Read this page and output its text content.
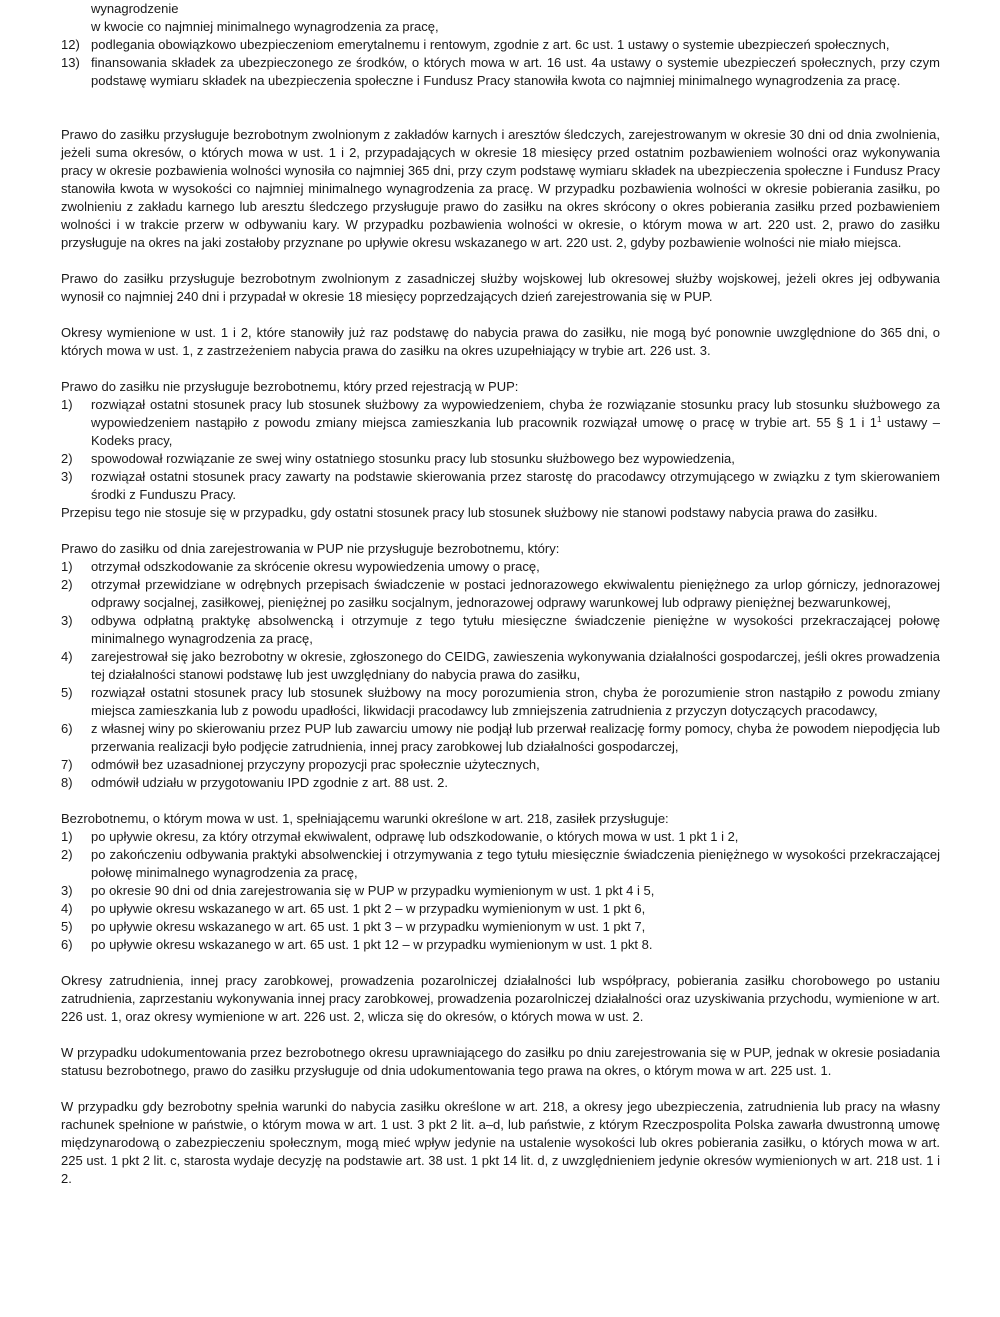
wynagrodzenie
w kwocie co najmniej minimalnego wynagrodzenia za pracę,
12) podlegania obowiązkowo ubezpieczeniom emerytalnemu i rentowym, zgodnie z art. 6c ust. 1 ustawy o systemie ubezpieczeń społecznych,
13) finansowania składek za ubezpieczonego ze środków, o których mowa w art. 16 ust. 4a ustawy o systemie ubezpieczeń społecznych, przy czym podstawę wymiaru składek na ubezpieczenia społeczne i Fundusz Pracy stanowiła kwota co najmniej minimalnego wynagrodzenia za pracę.

Prawo do zasiłku przysługuje bezrobotnym zwolnionym z zakładów karnych i aresztów śledczych, zarejestrowanym w okresie 30 dni od dnia zwolnienia, jeżeli suma okresów, o których mowa w ust. 1 i 2, przypadających w okresie 18 miesięcy przed ostatnim pozbawieniem wolności oraz wykonywania pracy w okresie pozbawienia wolności wynosiła co najmniej 365 dni, przy czym podstawę wymiaru składek na ubezpieczenia społeczne i Fundusz Pracy stanowiła kwota w wysokości co najmniej minimalnego wynagrodzenia za pracę. W przypadku pozbawienia wolności w okresie pobierania zasiłku, po zwolnieniu z zakładu karnego lub aresztu śledczego przysługuje prawo do zasiłku na okres skrócony o okres pobierania zasiłku przed pozbawieniem wolności i w trakcie przerw w odbywaniu kary. W przypadku pozbawienia wolności w okresie, o którym mowa w art. 220 ust. 2, prawo do zasiłku przysługuje na okres na jaki zostałoby przyznane po upływie okresu wskazanego w art. 220 ust. 2, gdyby pozbawienie wolności nie miało miejsca.

Prawo do zasiłku przysługuje bezrobotnym zwolnionym z zasadniczej służby wojskowej lub okresowej służby wojskowej, jeżeli okres jej odbywania wynosił co najmniej 240 dni i przypadał w okresie 18 miesięcy poprzedzających dzień zarejestrowania się w PUP.

Okresy wymienione w ust. 1 i 2, które stanowiły już raz podstawę do nabycia prawa do zasiłku, nie mogą być ponownie uwzględnione do 365 dni, o których mowa w ust. 1, z zastrzeżeniem nabycia prawa do zasiłku na okres uzupełniający w trybie art. 226 ust. 3.

Prawo do zasiłku nie przysługuje bezrobotnemu, który przed rejestracją w PUP:
1)	rozwiązał ostatni stosunek pracy lub stosunek służbowy za wypowiedzeniem, chyba że rozwiązanie stosunku pracy lub stosunku służbowego za wypowiedzeniem nastąpiło z powodu zmiany miejsca zamieszkania lub pracownik rozwiązał umowę o pracę w trybie art. 55 § 1 i $1^1$ ustawy – Kodeks pracy,
2)	spowodował rozwiązanie ze swej winy ostatniego stosunku pracy lub stosunku służbowego bez wypowiedzenia,
3)	rozwiązał ostatni stosunek pracy zawarty na podstawie skierowania przez starostę do pracodawcy otrzymującego w związku z tym skierowaniem środki z Funduszu Pracy.
Przepisu tego nie stosuje się w przypadku, gdy ostatni stosunek pracy lub stosunek służbowy nie stanowi podstawy nabycia prawa do zasiłku.
Prawo do zasiłku od dnia zarejestrowania w PUP nie przysługuje bezrobotnemu, który:
1)	otrzymał odszkodowanie za skrócenie okresu wypowiedzenia umowy o pracę,
2)	otrzymał przewidziane w odrębnych przepisach świadczenie w postaci jednorazowego ekwiwalentu pieniężnego za urlop górniczy, jednorazowej odprawy socjalnej, zasiłkowej, pieniężnej po zasiłku socjalnym, jednorazowej odprawy warunkowej lub odprawy pieniężnej bezwarunkowej,
3)	odbywa odpłatną praktykę absolwencką i otrzymuje z tego tytułu miesięczne świadczenie pieniężne w wysokości przekraczającej połowę minimalnego wynagrodzenia za pracę,
4)	zarejestrował się jako bezrobotny w okresie, zgłoszonego do CEIDG, zawieszenia wykonywania działalności gospodarczej, jeśli okres prowadzenia tej działalności stanowi podstawę lub jest uwzględniany do nabycia prawa do zasiłku,
5)	rozwiązał ostatni stosunek pracy lub stosunek służbowy na mocy porozumienia stron, chyba że porozumienie stron nastąpiło z powodu zmiany miejsca zamieszkania lub z powodu upadłości, likwidacji pracodawcy lub zmniejszenia zatrudnienia z przyczyn dotyczących pracodawcy,
6)	z własnej winy po skierowaniu przez PUP lub zawarciu umowy nie podjął lub przerwał realizację formy pomocy, chyba że powodem niepodjęcia lub przerwania realizacji było podjęcie zatrudnienia, innej pracy zarobkowej lub działalności gospodarczej,
7)	odmówił bez uzasadnionej przyczyny propozycji prac społecznie użytecznych,
8)	odmówił udziału w przygotowaniu IPD zgodnie z art. 88 ust. 2.
Bezrobotnemu, o którym mowa w ust. 1, spełniającemu warunki określone w art. 218, zasiłek przysługuje:
1)	po upływie okresu, za który otrzymał ekwiwalent, odprawę lub odszkodowanie, o których mowa w ust. 1 pkt 1 i 2,
2)	po zakończeniu odbywania praktyki absolwenckiej i otrzymywania z tego tytułu miesięcznie świadczenia pieniężnego w wysokości przekraczającej połowę minimalnego wynagrodzenia za pracę,
3)	po okresie 90 dni od dnia zarejestrowania się w PUP w przypadku wymienionym w ust. 1 pkt 4 i 5,
4)	po upływie okresu wskazanego w art. 65 ust. 1 pkt 2 – w przypadku wymienionym w ust. 1 pkt 6,
5)	po upływie okresu wskazanego w art. 65 ust. 1 pkt 3 – w przypadku wymienionym w ust. 1 pkt 7,
6)	po upływie okresu wskazanego w art. 65 ust. 1 pkt 12 – w przypadku wymienionym w ust. 1 pkt 8.

Okresy zatrudnienia, innej pracy zarobkowej, prowadzenia pozarolniczej działalności lub współpracy, pobierania zasiłku chorobowego po ustaniu zatrudnienia, zaprzestaniu wykonywania innej pracy zarobkowej, prowadzenia pozarolniczej działalności oraz uzyskiwania przychodu, wymienione w art. 226 ust. 1, oraz okresy wymienione w art. 226 ust. 2, wlicza się do okresów, o których mowa w ust. 2.

W przypadku udokumentowania przez bezrobotnego okresu uprawniającego do zasiłku po dniu zarejestrowania się w PUP, jednak w okresie posiadania statusu bezrobotnego, prawo do zasiłku przysługuje od dnia udokumentowania tego prawa na okres, o którym mowa w art. 225 ust. 1.

W przypadku gdy bezrobotny spełnia warunki do nabycia zasiłku określone w art. 218, a okresy jego ubezpieczenia, zatrudnienia lub pracy na własny rachunek spełnione w państwie, o którym mowa w art. 1 ust. 3 pkt 2 lit. a–d, lub państwie, z którym Rzeczpospolita Polska zawarła dwustronną umowę międzynarodową o zabezpieczeniu społecznym, mogą mieć wpływ jedynie na ustalenie wysokości lub okres pobierania zasiłku, o których mowa w art. 225 ust. 1 pkt 2 lit. c, starosta wydaje decyzję na podstawie art. 38 ust. 1 pkt 14 lit. d, z uwzględnieniem jedynie okresów wymienionych w art. 218 ust. 1 i 2.
